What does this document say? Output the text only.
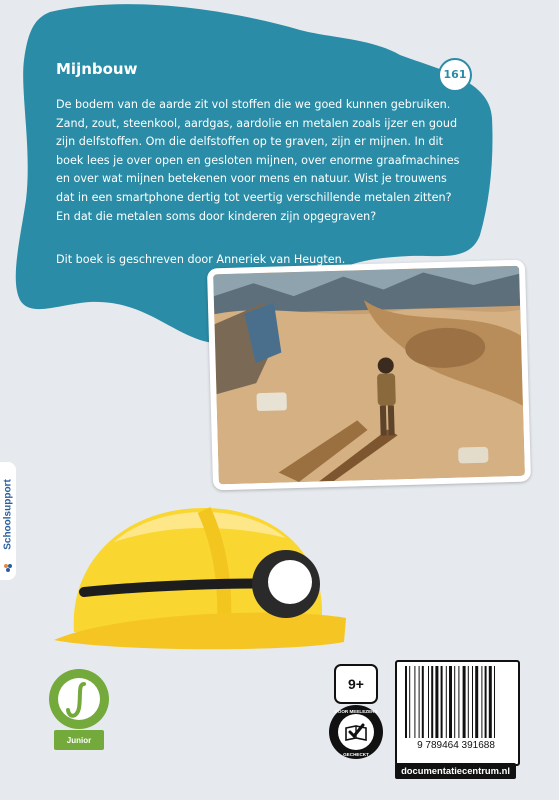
Mijnbouw	161

De bodem van de aarde zit vol stoffen die we goed kunnen gebruiken. Zand, zout, steenkool, aardgas, aardolie en metalen zoals ijzer en goud zijn delfstoffen. Om die delfstoffen op te graven, zijn er mijnen. In dit boek lees je over open en gesloten mijnen, over enorme graafmachines en over wat mijnen betekenen voor mens en natuur. Wist je trouwens dat in een smartphone dertig tot veertig verschillende metalen zitten? En dat die metalen soms door kinderen zijn opgegraven?

Dit boek is geschreven door Anneriek van Heugten.

Schoolsupport
Junior
9+
DOOR MEELEZERS
GECHECKT
9 789464 391688
documentatiecentrum.nl
